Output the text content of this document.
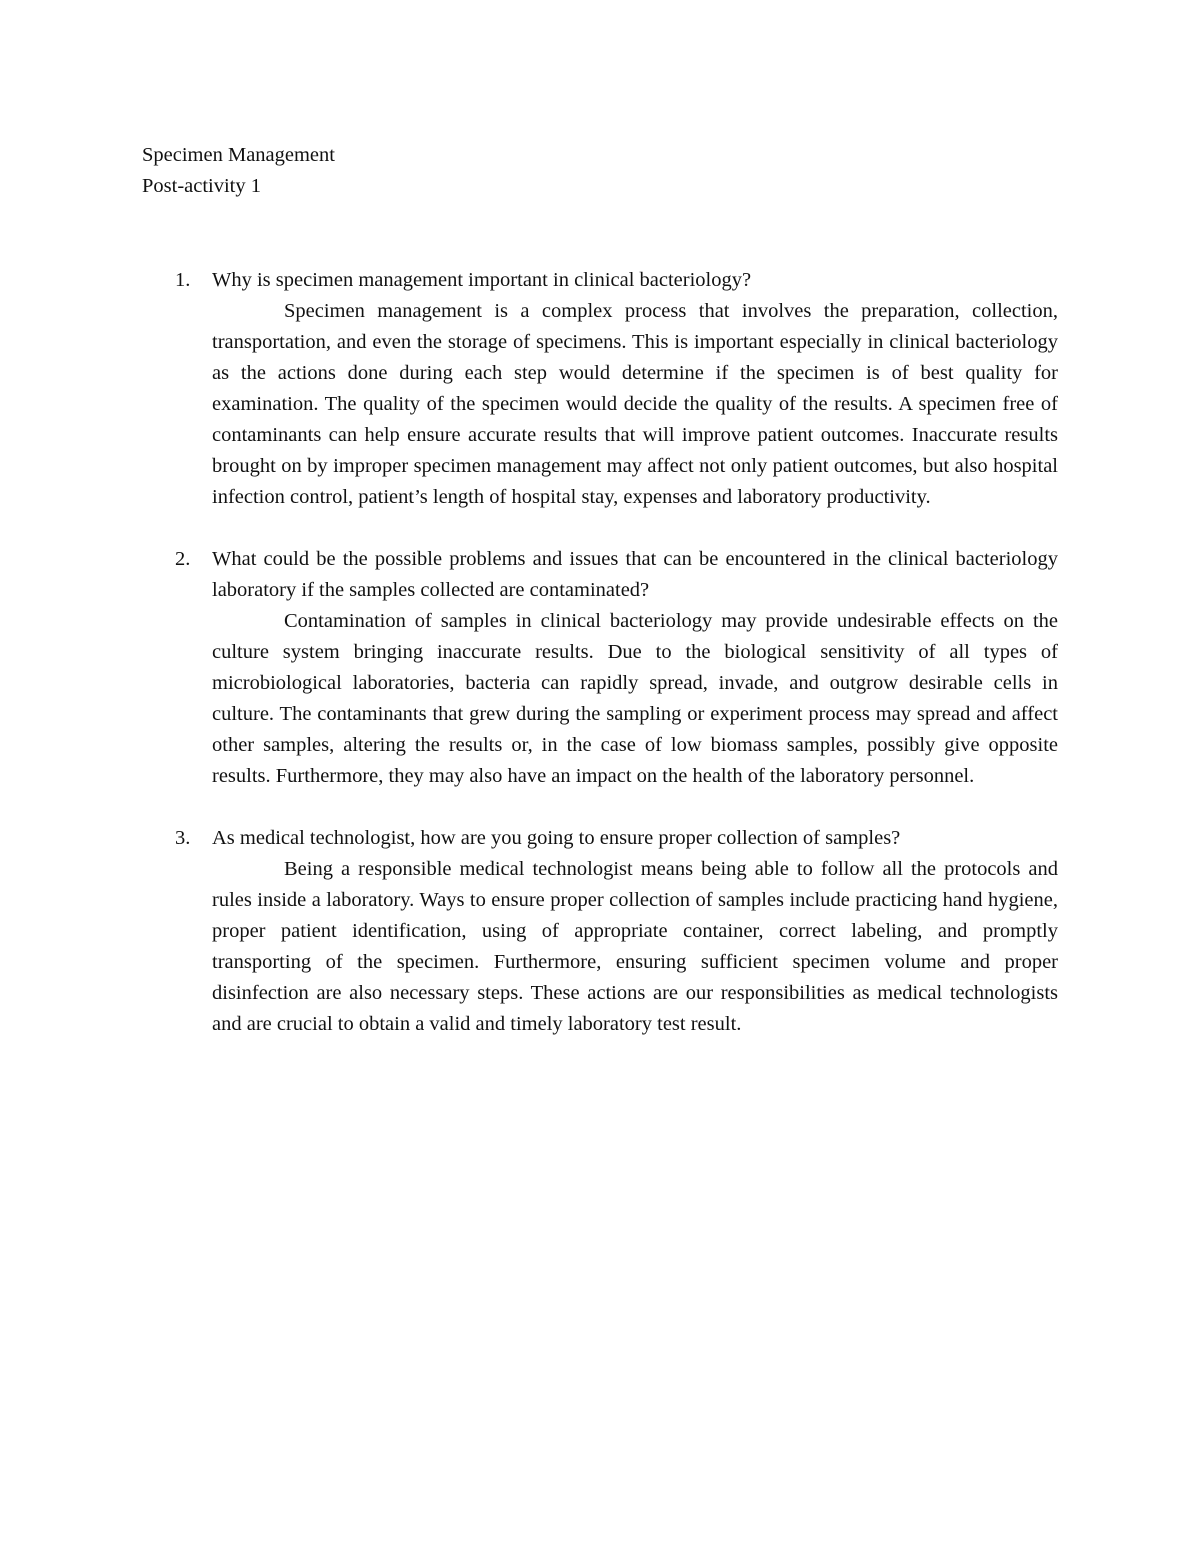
Specimen Management
Post-activity 1
1. Why is specimen management important in clinical bacteriology?
Specimen management is a complex process that involves the preparation, collection, transportation, and even the storage of specimens. This is important especially in clinical bacteriology as the actions done during each step would determine if the specimen is of best quality for examination. The quality of the specimen would decide the quality of the results. A specimen free of contaminants can help ensure accurate results that will improve patient outcomes. Inaccurate results brought on by improper specimen management may affect not only patient outcomes, but also hospital infection control, patient’s length of hospital stay, expenses and laboratory productivity.
2. What could be the possible problems and issues that can be encountered in the clinical bacteriology laboratory if the samples collected are contaminated?
Contamination of samples in clinical bacteriology may provide undesirable effects on the culture system bringing inaccurate results. Due to the biological sensitivity of all types of microbiological laboratories, bacteria can rapidly spread, invade, and outgrow desirable cells in culture. The contaminants that grew during the sampling or experiment process may spread and affect other samples, altering the results or, in the case of low biomass samples, possibly give opposite results. Furthermore, they may also have an impact on the health of the laboratory personnel.
3. As medical technologist, how are you going to ensure proper collection of samples?
Being a responsible medical technologist means being able to follow all the protocols and rules inside a laboratory. Ways to ensure proper collection of samples include practicing hand hygiene, proper patient identification, using of appropriate container, correct labeling, and promptly transporting of the specimen. Furthermore, ensuring sufficient specimen volume and proper disinfection are also necessary steps. These actions are our responsibilities as medical technologists and are crucial to obtain a valid and timely laboratory test result.
